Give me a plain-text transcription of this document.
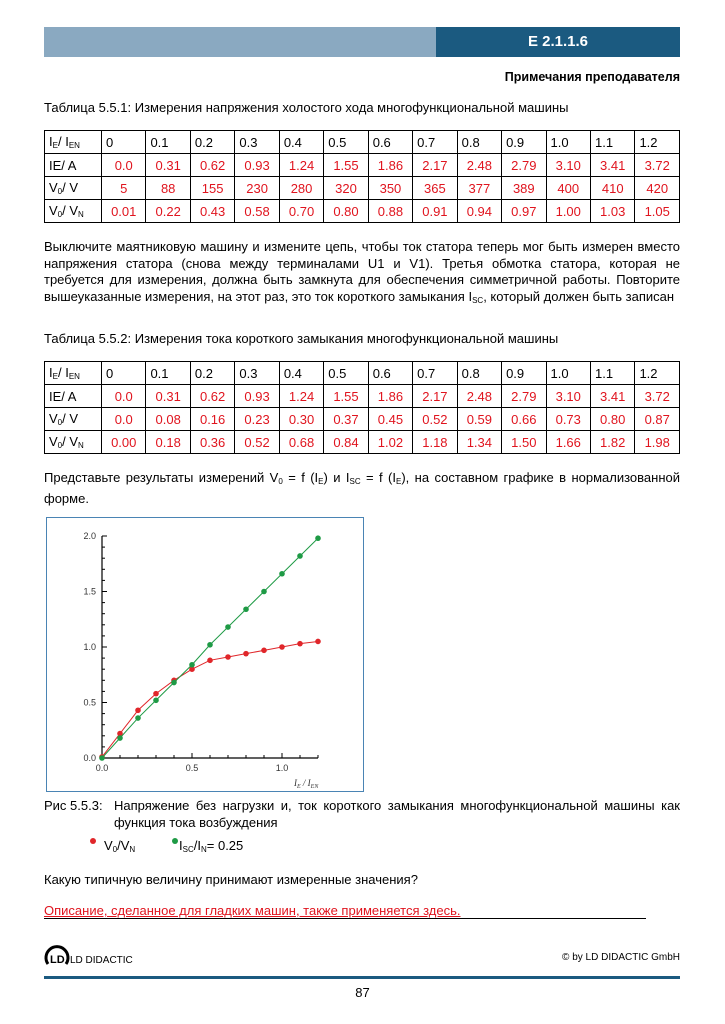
E 2.1.1.6
Примечания преподавателя
Таблица 5.5.1: Измерения напряжения холостого хода многофункциональной машины
$I_E/$ $I_{EN}$	0	0.1	0.2	0.3	0.4	0.5	0.6	0.7	0.8	0.9	1.0	1.1	1.2
IE/ A	0.0	0.31	0.62	0.93	1.24	1.55	1.86	2.17	2.48	2.79	3.10	3.41	3.72
$V_0/$ V	5	88	155	230	280	320	350	365	377	389	400	410	420
$V_0/$ $V_N$	0.01	0.22	0.43	0.58	0.70	0.80	0.88	0.91	0.94	0.97	1.00	1.03	1.05
Выключите маятниковую машину и измените цепь, чтобы ток статора теперь мог быть измерен вместо напряжения статора (снова между терминалами U1 и V1). Третья обмотка статора, которая не требуется для измерения, должна быть замкнута для обеспечения симметричной работы. Повторите вышеуказанные измерения, на этот раз, это ток короткого замыкания $I_{SC}$, который должен быть записан
Таблица 5.5.2: Измерения тока короткого замыкания многофункциональной машины
$I_E/$ $I_{EN}$	0	0.1	0.2	0.3	0.4	0.5	0.6	0.7	0.8	0.9	1.0	1.1	1.2
IE/ A	0.0	0.31	0.62	0.93	1.24	1.55	1.86	2.17	2.48	2.79	3.10	3.41	3.72
$V_0/$ V	0.0	0.08	0.16	0.23	0.30	0.37	0.45	0.52	0.59	0.66	0.73	0.80	0.87
$V_0/$ $V_N$	0.00	0.18	0.36	0.52	0.68	0.84	1.02	1.18	1.34	1.50	1.66	1.82	1.98
Представьте результаты измерений $V_0 = f$ $(I_E)$ и $I_{SC} = f$ $(I_E)$, на составном графике в нормализованной форме.
0.0	0.5	1.0
0.0
0.5
1.0
1.5
2.0
$I_E / I_{EN}$
Рис 5.5.3: Напряжение без нагрузки и, ток короткого замыкания многофункциональной машины как функция тока возбуждения
$V_0/V_N$	$I_{SC}/I_N= 0.25$
Какую типичную величину принимают измеренные значения?
Описание, сделанное для гладких машин, также применяется здесь.
LD LD DIDACTIC	© by LD DIDACTIC GmbH
87
